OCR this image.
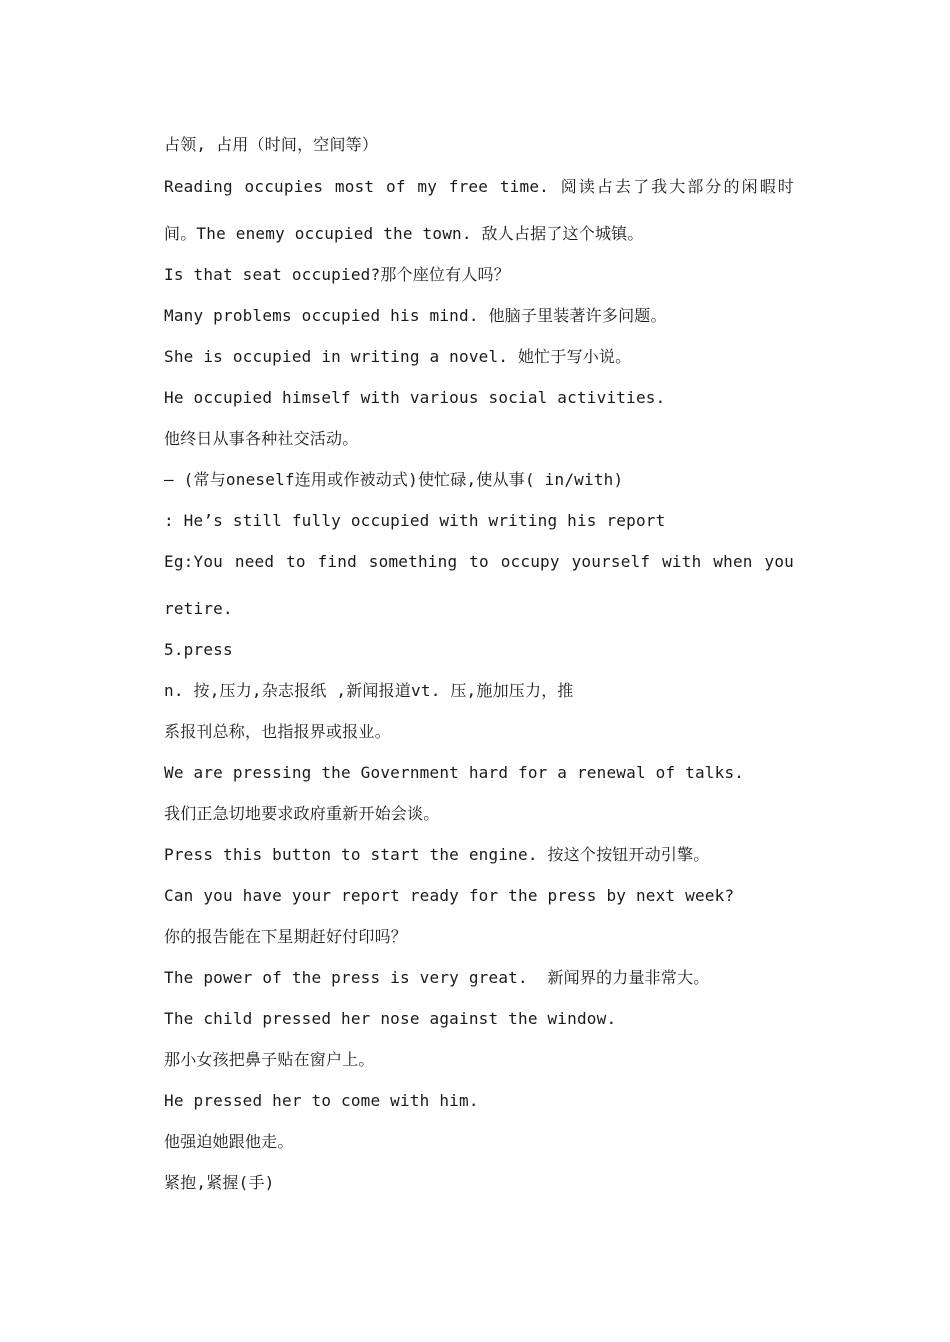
占领, 占用（时间，空间等）
Reading occupies most of my free time. 阅读占去了我大部分的闲暇时
间。The enemy occupied the town. 敌人占据了这个城镇。
Is that seat occupied?那个座位有人吗？
Many problems occupied his mind. 他脑子里装著许多问题。
She is occupied in writing a novel. 她忙于写小说。
He occupied himself with various social activities.
他终日从事各种社交活动。
— (常与oneself连用或作被动式)使忙碌,使从事( in/with)
: He’s still fully occupied with writing his report
Eg:You need to find something to occupy yourself with when you
retire.
5.press
n. 按,压力,杂志报纸 ,新闻报道vt. 压,施加压力，推
系报刊总称，也指报界或报业。
We are pressing the Government hard for a renewal of talks.
我们正急切地要求政府重新开始会谈。
Press this button to start the engine. 按这个按钮开动引擎。
Can you have your report ready for the press by next week?
你的报告能在下星期赶好付印吗？
The power of the press is very great.  新闻界的力量非常大。
The child pressed her nose against the window.
那小女孩把鼻子贴在窗户上。
He pressed her to come with him.
他强迫她跟他走。
紧抱,紧握(手)
